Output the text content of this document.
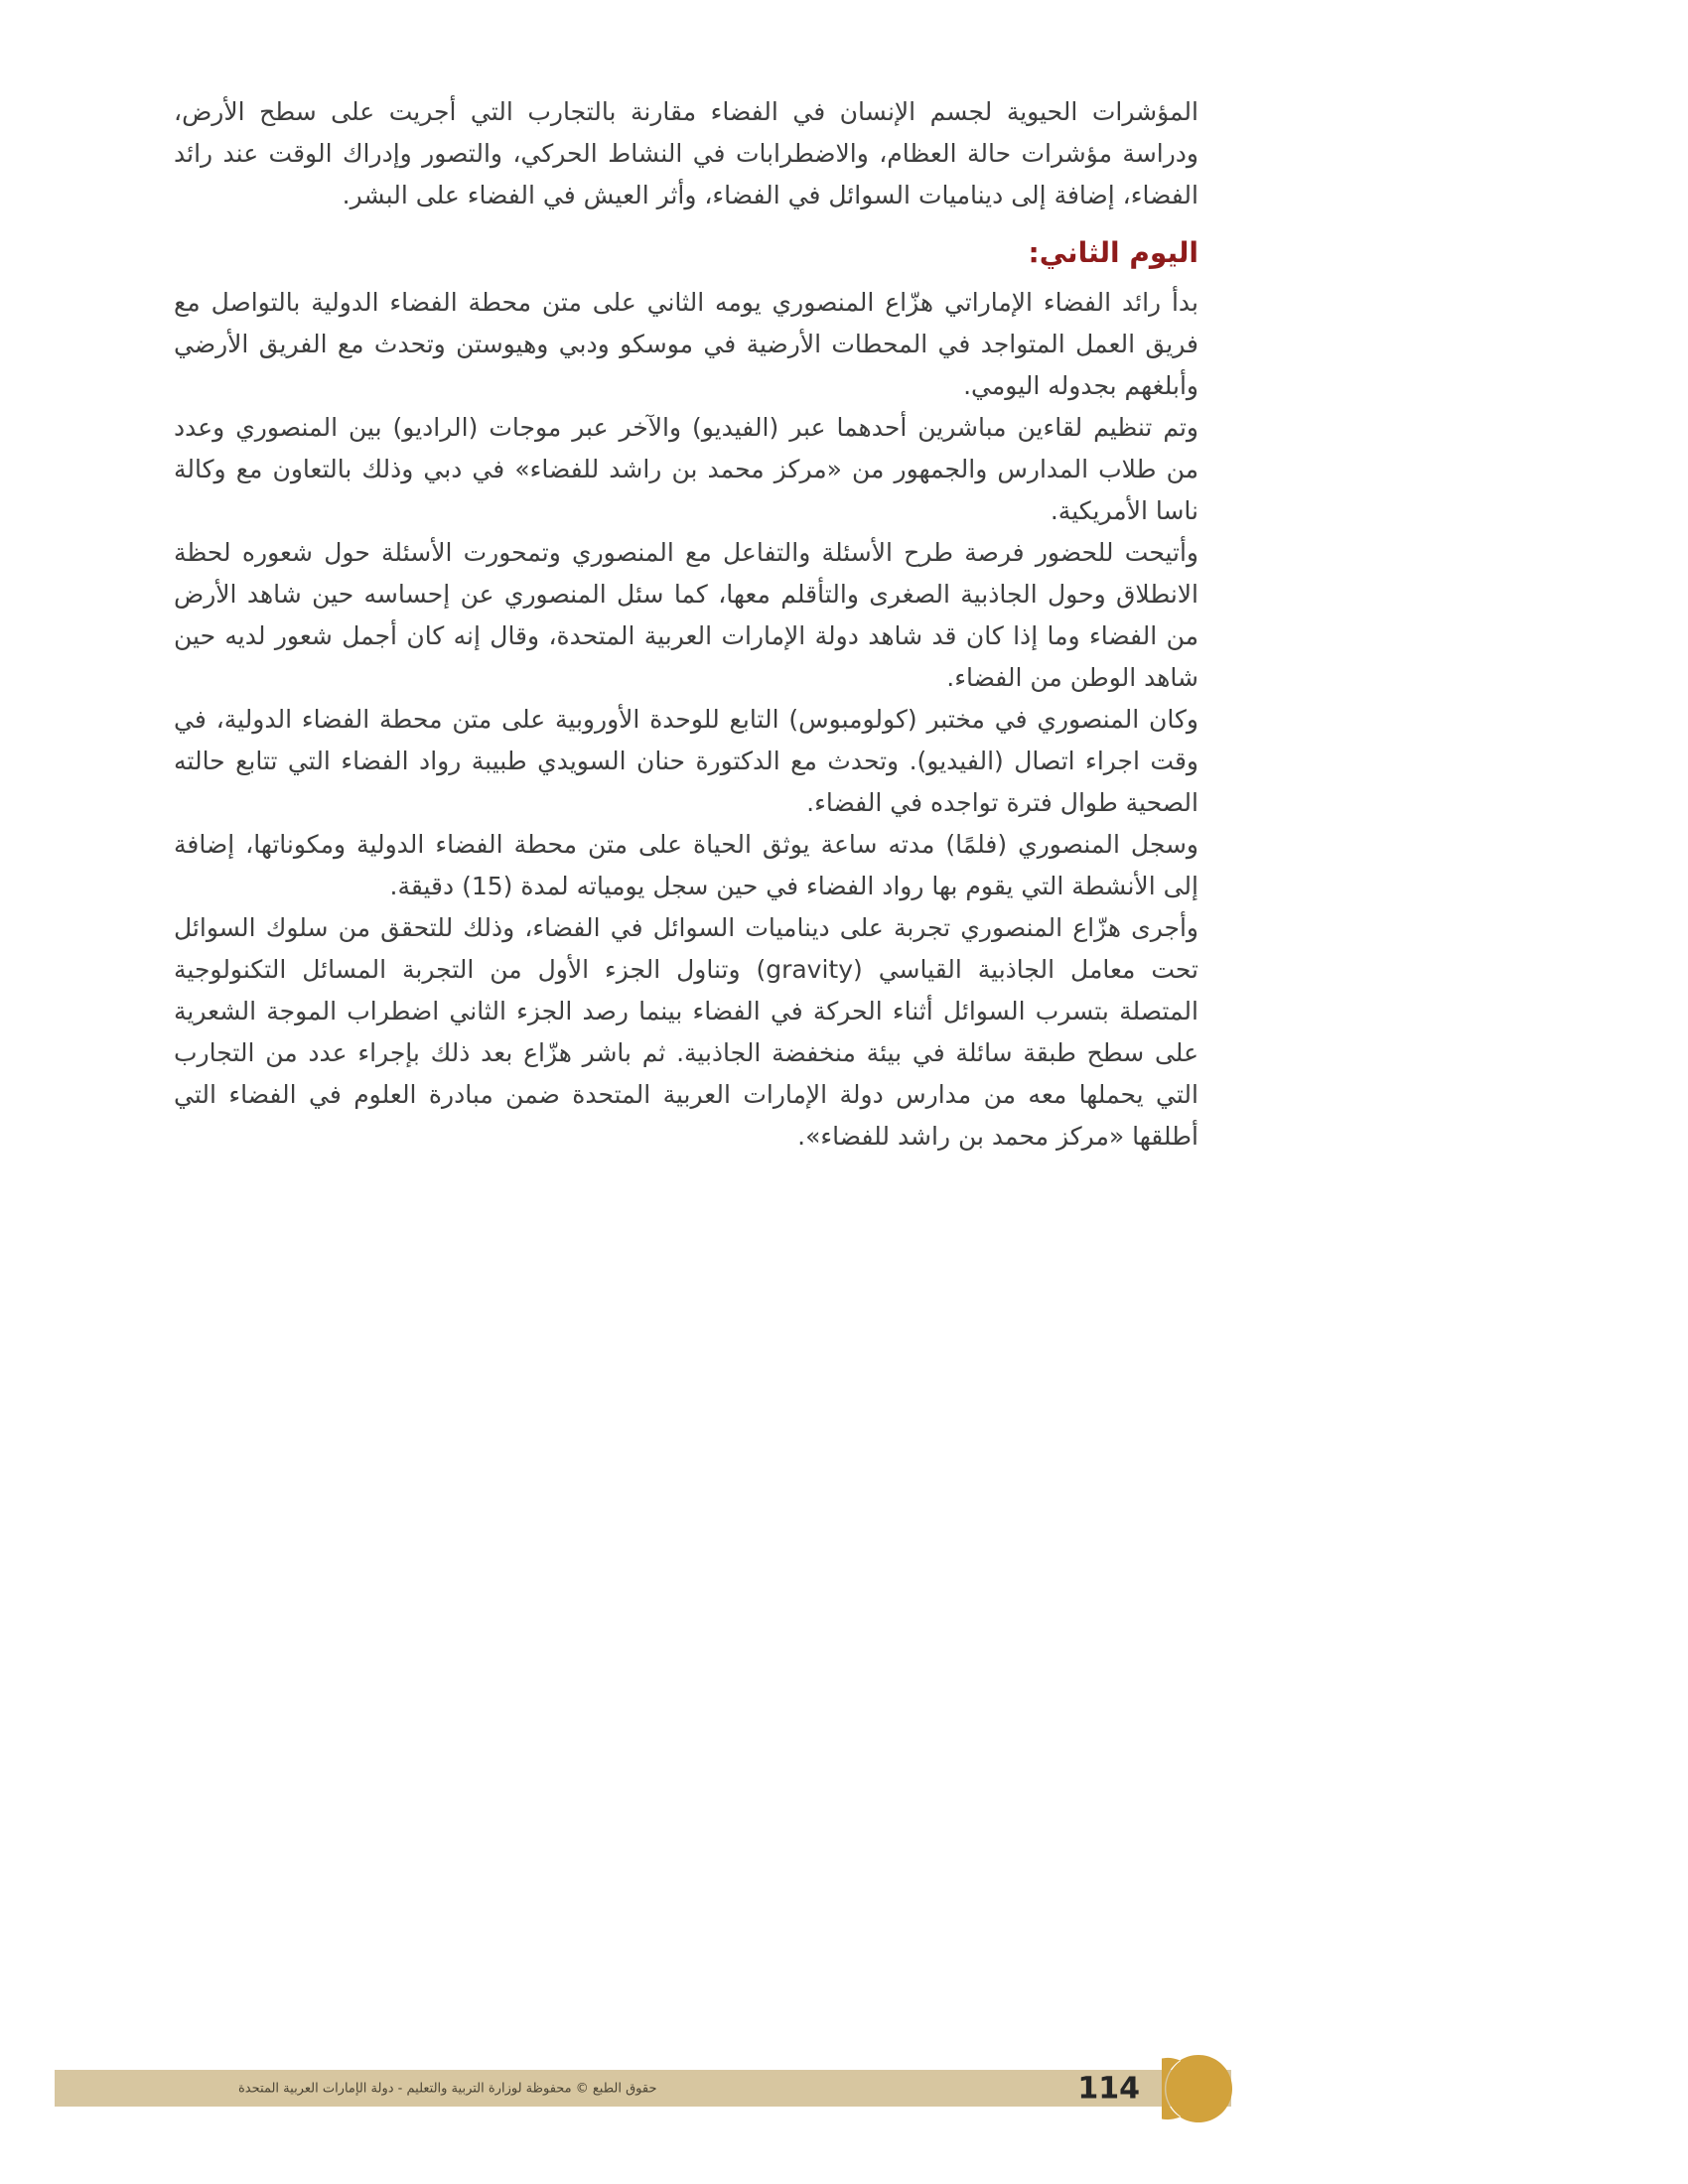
المؤشرات الحيوية لجسم الإنسان في الفضاء مقارنة بالتجارب التي أجريت على سطح الأرض، ودراسة مؤشرات حالة العظام، والاضطرابات في النشاط الحركي، والتصور وإدراك الوقت عند رائد الفضاء، إضافة إلى ديناميات السوائل في الفضاء، وأثر العيش في الفضاء على البشر.

اليوم الثاني:

بدأ رائد الفضاء الإماراتي هزّاع المنصوري يومه الثاني على متن محطة الفضاء الدولية بالتواصل مع فريق العمل المتواجد في المحطات الأرضية في موسكو ودبي وهيوستن وتحدث مع الفريق الأرضي وأبلغهم بجدوله اليومي.

وتم تنظيم لقاءين مباشرين أحدهما عبر (الفيديو) والآخر عبر موجات (الراديو) بين المنصوري وعدد من طلاب المدارس والجمهور من «مركز محمد بن راشد للفضاء» في دبي وذلك بالتعاون مع وكالة ناسا الأمريكية.

وأتيحت للحضور فرصة طرح الأسئلة والتفاعل مع المنصوري وتمحورت الأسئلة حول شعوره لحظة الانطلاق وحول الجاذبية الصغرى والتأقلم معها، كما سئل المنصوري عن إحساسه حين شاهد الأرض من الفضاء وما إذا كان قد شاهد دولة الإمارات العربية المتحدة، وقال إنه كان أجمل شعور لديه حين شاهد الوطن من الفضاء.

وكان المنصوري في مختبر (كولومبوس) التابع للوحدة الأوروبية على متن محطة الفضاء الدولية، في وقت اجراء اتصال (الفيديو). وتحدث مع الدكتورة حنان السويدي طبيبة رواد الفضاء التي تتابع حالته الصحية طوال فترة تواجده في الفضاء.

وسجل المنصوري (فلمًا) مدته ساعة يوثق الحياة على متن محطة الفضاء الدولية ومكوناتها، إضافة إلى الأنشطة التي يقوم بها رواد الفضاء في حين سجل يومياته لمدة (15) دقيقة.

وأجرى هزّاع المنصوري تجربة على ديناميات السوائل في الفضاء، وذلك للتحقق من سلوك السوائل تحت معامل الجاذبية القياسي (gravity) وتناول الجزء الأول من التجربة المسائل التكنولوجية المتصلة بتسرب السوائل أثناء الحركة في الفضاء بينما رصد الجزء الثاني اضطراب الموجة الشعرية على سطح طبقة سائلة في بيئة منخفضة الجاذبية. ثم باشر هزّاع بعد ذلك بإجراء عدد من التجارب التي يحملها معه من مدارس دولة الإمارات العربية المتحدة ضمن مبادرة العلوم في الفضاء التي أطلقها «مركز محمد بن راشد للفضاء».

حقوق الطبع © محفوظة لوزارة التربية والتعليم - دولة الإمارات العربية المتحدة	114
